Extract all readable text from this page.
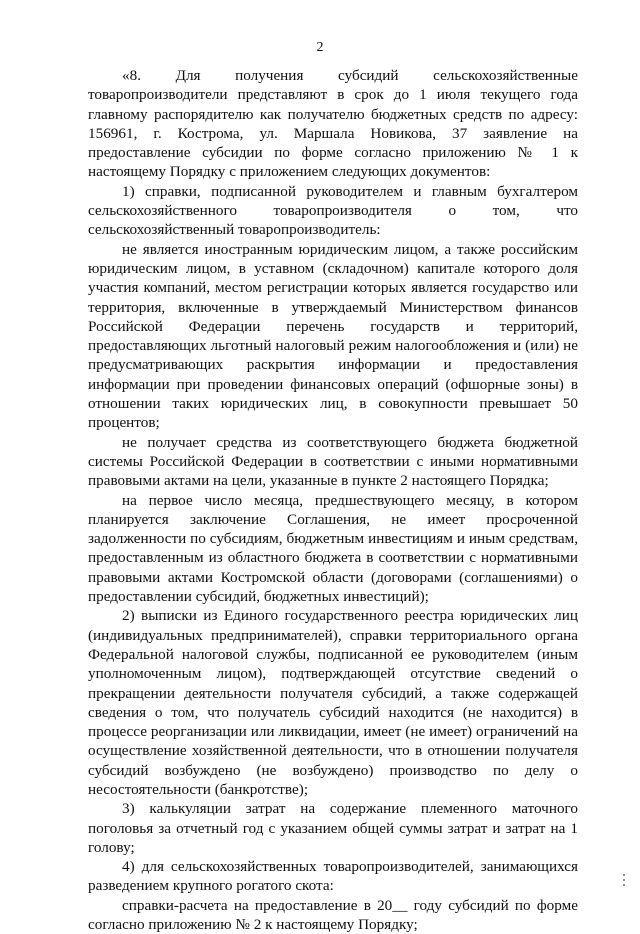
2

«8. Для получения субсидий сельскохозяйственные товаропроизводители представляют в срок до 1 июля текущего года главному распорядителю как получателю бюджетных средств по адресу: 156961, г. Кострома, ул. Маршала Новикова, 37 заявление на предоставление субсидии по форме согласно приложению № 1 к настоящему Порядку с приложением следующих документов:

1) справки, подписанной руководителем и главным бухгалтером сельскохозяйственного товаропроизводителя о том, что сельскохозяйственный товаропроизводитель:

не является иностранным юридическим лицом, а также российским юридическим лицом, в уставном (складочном) капитале которого доля участия компаний, местом регистрации которых является государство или территория, включенные в утверждаемый Министерством финансов Российской Федерации перечень государств и территорий, предоставляющих льготный налоговый режим налогообложения и (или) не предусматривающих раскрытия информации и предоставления информации при проведении финансовых операций (офшорные зоны) в отношении таких юридических лиц, в совокупности превышает 50 процентов;

не получает средства из соответствующего бюджета бюджетной системы Российской Федерации в соответствии с иными нормативными правовыми актами на цели, указанные в пункте 2 настоящего Порядка;

на первое число месяца, предшествующего месяцу, в котором планируется заключение Соглашения, не имеет просроченной задолженности по субсидиям, бюджетным инвестициям и иным средствам, предоставленным из областного бюджета в соответствии с нормативными правовыми актами Костромской области (договорами (соглашениями) о предоставлении субсидий, бюджетных инвестиций);

2) выписки из Единого государственного реестра юридических лиц (индивидуальных предпринимателей), справки территориального органа Федеральной налоговой службы, подписанной ее руководителем (иным уполномоченным лицом), подтверждающей отсутствие сведений о прекращении деятельности получателя субсидий, а также содержащей сведения о том, что получатель субсидий находится (не находится) в процессе реорганизации или ликвидации, имеет (не имеет) ограничений на осуществление хозяйственной деятельности, что в отношении получателя субсидий возбуждено (не возбуждено) производство по делу о несостоятельности (банкротстве);

3) калькуляции затрат на содержание племенного маточного поголовья за отчетный год с указанием общей суммы затрат и затрат на 1 голову;

4) для сельскохозяйственных товаропроизводителей, занимающихся разведением крупного рогатого скота:

справки-расчета на предоставление в 20__ году субсидий по форме согласно приложению № 2 к настоящему Порядку;
